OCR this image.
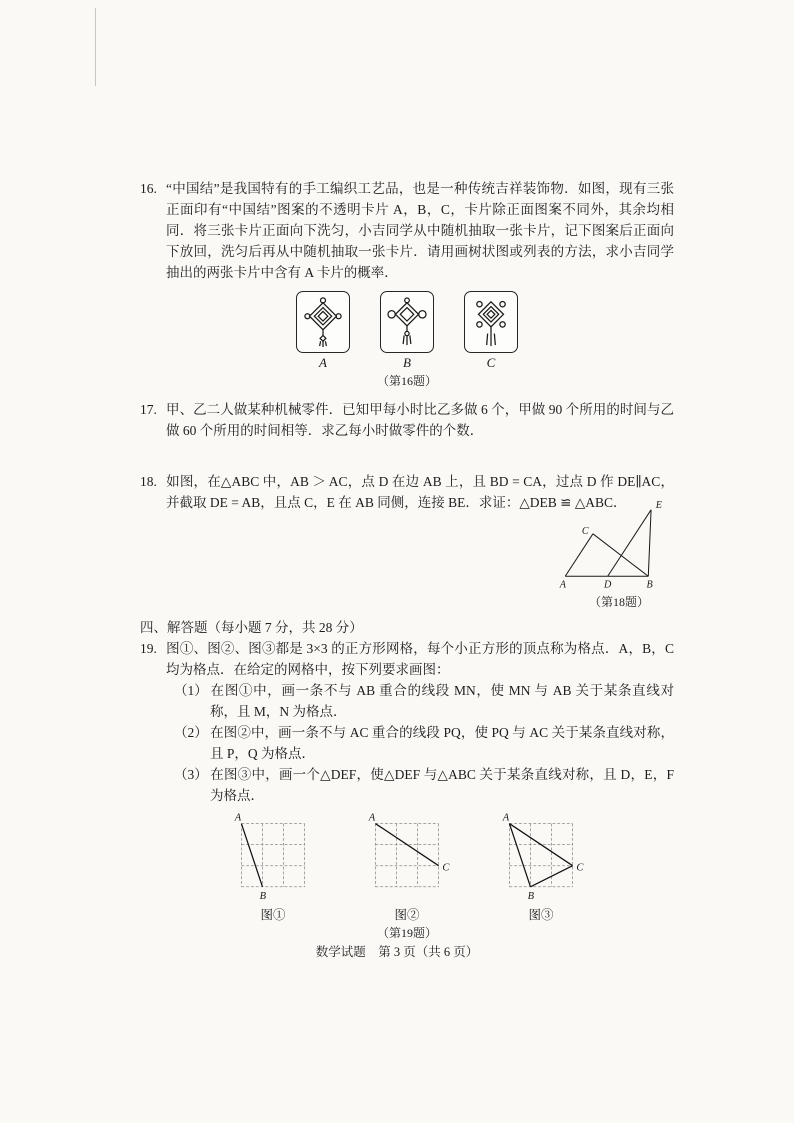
16. “中国结”是我国特有的手工编织工艺品，也是一种传统吉祥装饰物．如图，现有三张正面印有“中国结”图案的不透明卡片 A，B，C，卡片除正面图案不同外，其余均相同．将三张卡片正面向下洗匀，小吉同学从中随机抽取一张卡片，记下图案后正面向下放回，洗匀后再从中随机抽取一张卡片．请用画树状图或列表的方法，求小吉同学抽出的两张卡片中含有 A 卡片的概率．

A	B	C
（第16题）

17. 甲、乙二人做某种机械零件．已知甲每小时比乙多做 6 个，甲做 90 个所用的时间与乙做 60 个所用的时间相等．求乙每小时做零件的个数．

18. 如图，在△ABC 中，AB ＞ AC，点 D 在边 AB 上，且 BD = CA，过点 D 作 DE∥AC，并截取 DE = AB，且点 C，E 在 AB 同侧，连接 BE．求证：△DEB ≌ △ABC．

A	D	B
C
E
（第18题）

四、解答题（每小题 7 分，共 28 分）

19. 图①、图②、图③都是 3×3 的正方形网格，每个小正方形的顶点称为格点．A，B，C 均为格点．在给定的网格中，按下列要求画图：

（1） 在图①中，画一条不与 AB 重合的线段 MN，使 MN 与 AB 关于某条直线对称，且 M，N 为格点．

（2） 在图②中，画一条不与 AC 重合的线段 PQ，使 PQ 与 AC 关于某条直线对称，且 P，Q 为格点．

（3） 在图③中，画一个△DEF，使△DEF 与△ABC 关于某条直线对称，且 D，E，F 为格点．

A
B
图①
A
C
图②
A
B
C
图③
（第19题）
数学试题　第 3 页（共 6 页）
